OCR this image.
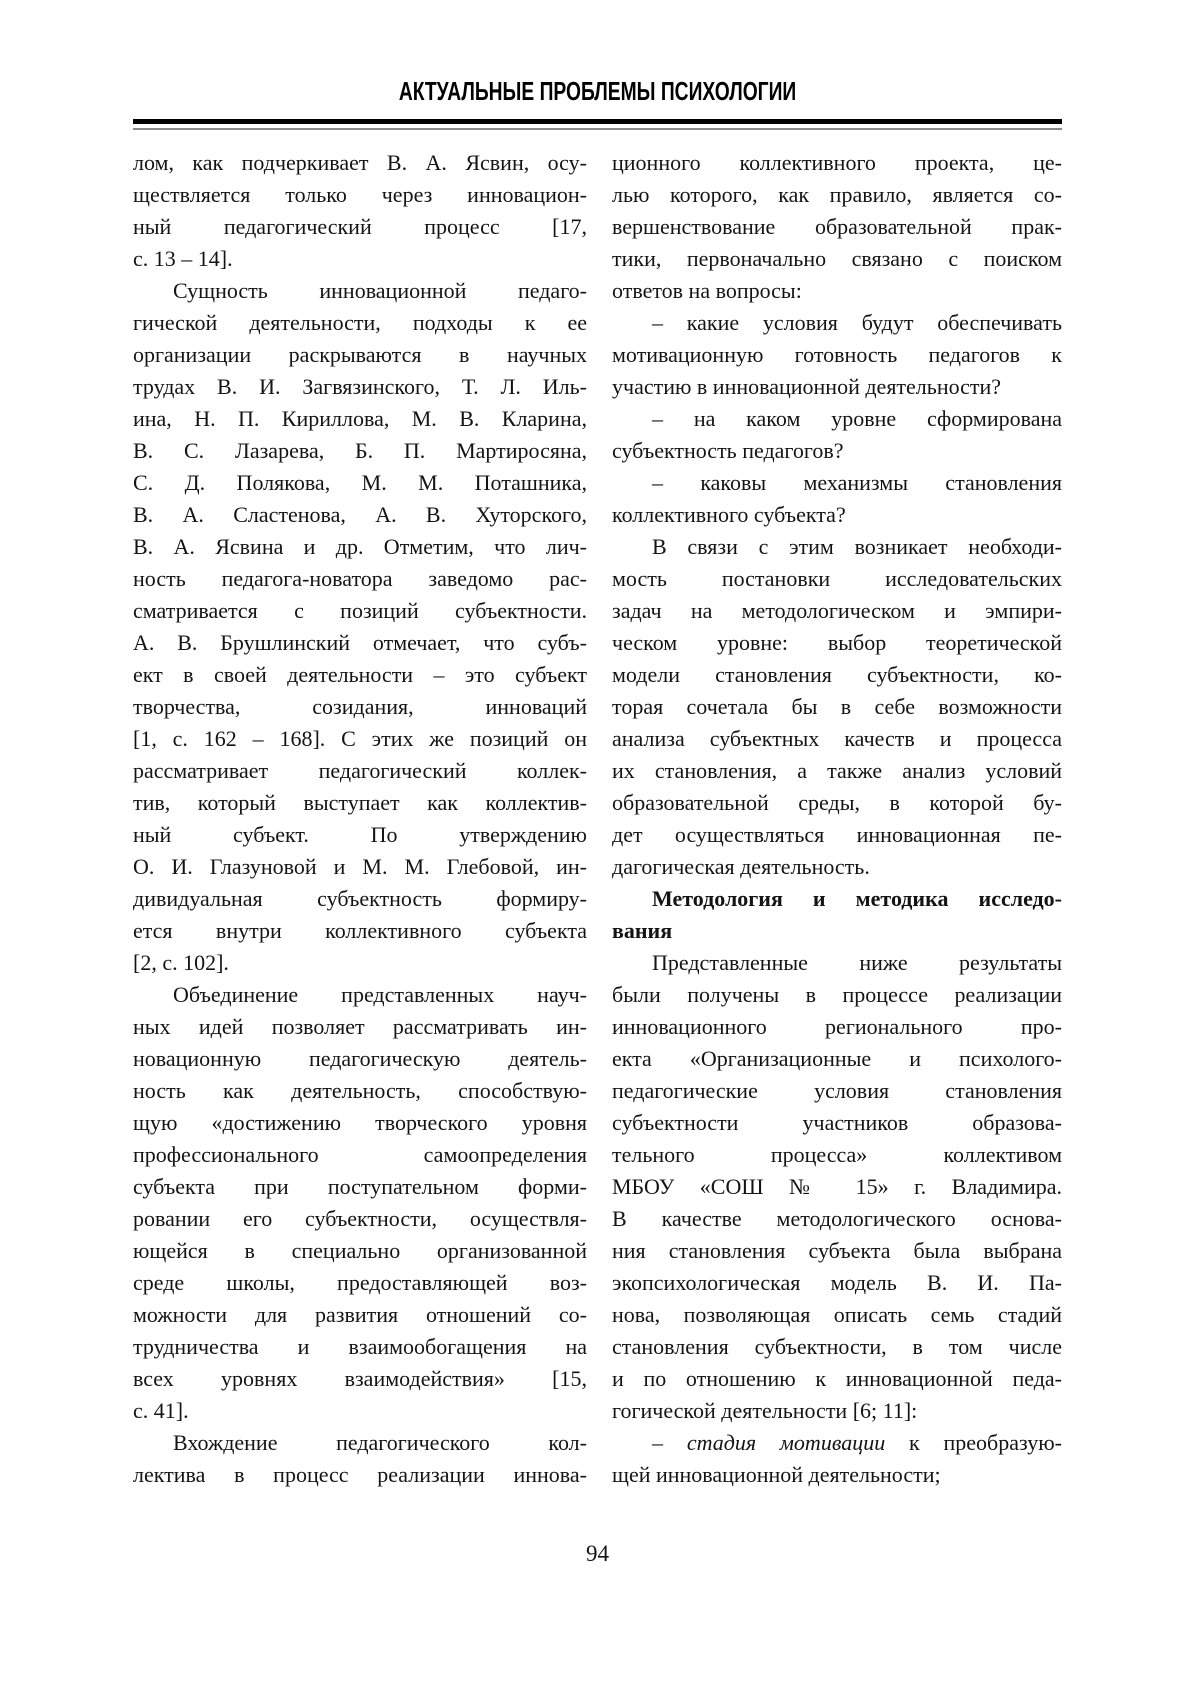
АКТУАЛЬНЫЕ ПРОБЛЕМЫ ПСИХОЛОГИИ
лом, как подчеркивает В. А. Ясвин, осу-
ществляется только через инновацион-
ный педагогический процесс [17,
с. 13 – 14].
Сущность инновационной педаго-
гической деятельности, подходы к ее
организации раскрываются в научных
трудах В. И. Загвязинского, Т. Л. Иль-
ина, Н. П. Кириллова, М. В. Кларина,
В. С. Лазарева, Б. П. Мартиросяна,
С. Д. Полякова, М. М. Поташника,
В. А. Сластенова, А. В. Хуторского,
В. А. Ясвина и др. Отметим, что лич-
ность педагога-новатора заведомо рас-
сматривается с позиций субъектности.
А. В. Брушлинский отмечает, что субъ-
ект в своей деятельности – это субъект
творчества, созидания, инноваций
[1, с. 162 – 168]. С этих же позиций он
рассматривает педагогический коллек-
тив, который выступает как коллектив-
ный субъект. По утверждению
О. И. Глазуновой и М. М. Глебовой, ин-
дивидуальная субъектность формиру-
ется внутри коллективного субъекта
[2, с. 102].
Объединение представленных науч-
ных идей позволяет рассматривать ин-
новационную педагогическую деятель-
ность как деятельность, способствую-
щую «достижению творческого уровня
профессионального самоопределения
субъекта при поступательном форми-
ровании его субъектности, осуществля-
ющейся в специально организованной
среде школы, предоставляющей воз-
можности для развития отношений со-
трудничества и взаимообогащения на
всех уровнях взаимодействия» [15,
с. 41].
Вхождение педагогического кол-
лектива в процесс реализации иннова-
ционного коллективного проекта, це-
лью которого, как правило, является со-
вершенствование образовательной прак-
тики, первоначально связано с поиском
ответов на вопросы:
– какие условия будут обеспечивать
мотивационную готовность педагогов к
участию в инновационной деятельности?
– на каком уровне сформирована
субъектность педагогов?
– каковы механизмы становления
коллективного субъекта?
В связи с этим возникает необходи-
мость постановки исследовательских
задач на методологическом и эмпири-
ческом уровне: выбор теоретической
модели становления субъектности, ко-
торая сочетала бы в себе возможности
анализа субъектных качеств и процесса
их становления, а также анализ условий
образовательной среды, в которой бу-
дет осуществляться инновационная пе-
дагогическая деятельность.
Методология и методика исследо-
вания
Представленные ниже результаты
были получены в процессе реализации
инновационного регионального про-
екта «Организационные и психолого-
педагогические условия становления
субъектности участников образова-
тельного процесса» коллективом
МБОУ «СОШ № 15» г. Владимира.
В качестве методологического основа-
ния становления субъекта была выбрана
экопсихологическая модель В. И. Па-
нова, позволяющая описать семь стадий
становления субъектности, в том числе
и по отношению к инновационной педа-
гогической деятельности [6; 11]:
– стадия мотивации к преобразую-
щей инновационной деятельности;
94
